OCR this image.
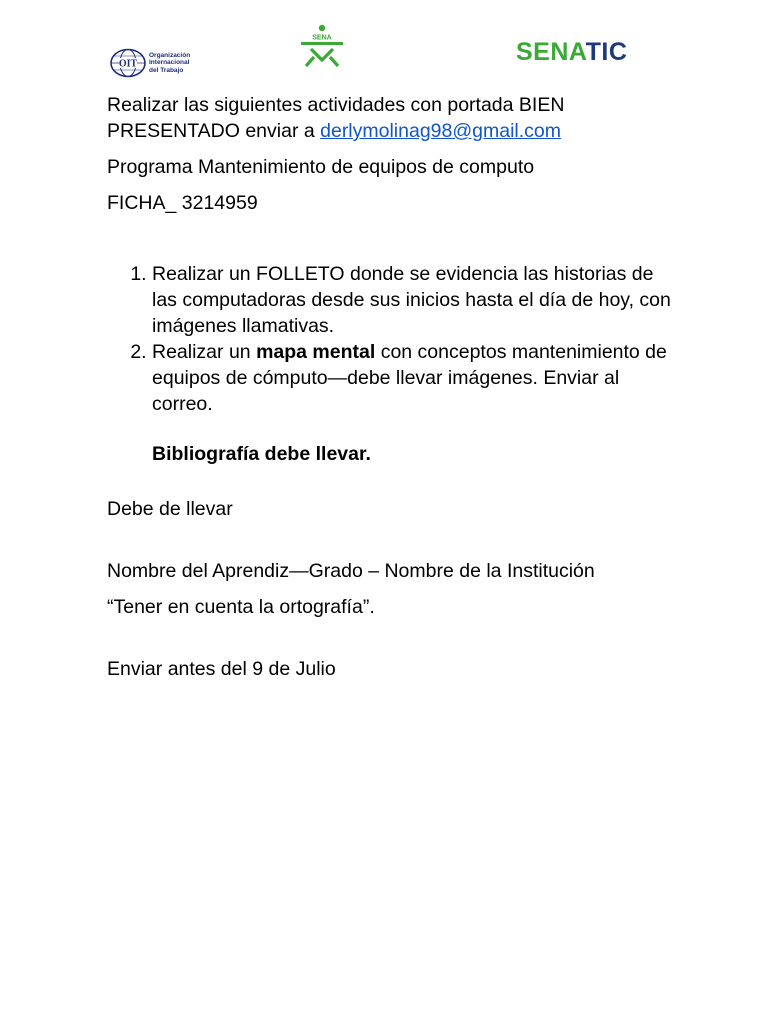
OIT
Organización
Internacional
del Trabajo
SENA	SENATIC

Realizar las siguientes actividades con portada BIEN PRESENTADO enviar a derlymolinag98@gmail.com

Programa Mantenimiento de equipos de computo

FICHA_ 3214959

1. Realizar un FOLLETO donde se evidencia las historias de las computadoras desde sus inicios hasta el día de hoy, con imágenes llamativas.
2. Realizar un mapa mental con conceptos mantenimiento de equipos de cómputo—debe llevar imágenes. Enviar al correo.

Bibliografía debe llevar.

Debe de llevar

Nombre del Aprendiz—Grado – Nombre de la Institución

“Tener en cuenta la ortografía”.

Enviar antes del 9 de Julio
